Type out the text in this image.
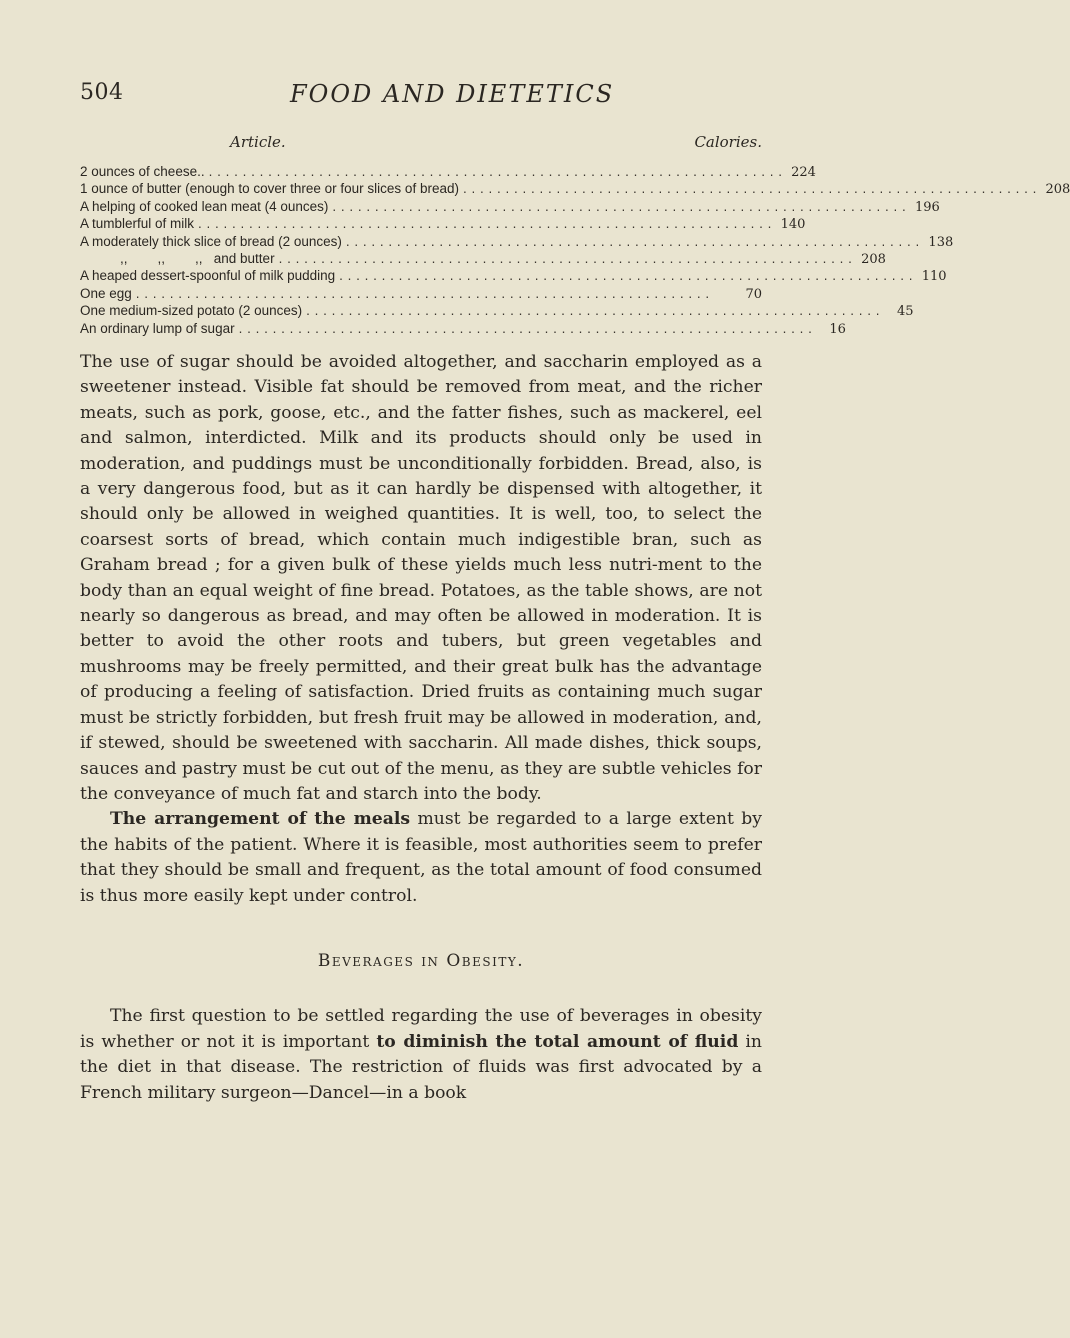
504	FOOD AND DIETETICS
Article.	Calories.
2 ounces of cheese.. . . .	224
1 ounce of butter (enough to cover three or four slices of bread) . . .	208
A helping of cooked lean meat (4 ounces) . . .	196
A tumblerful of milk . . .	140
A moderately thick slice of bread (2 ounces) . . .	138
,,        ,,        ,,   and butter . . .	208
A heaped dessert-spoonful of milk pudding . . .	110
One egg . . .	70
One medium-sized potato (2 ounces) . . .	45
An ordinary lump of sugar . . .	16

The use of sugar should be avoided altogether, and saccharin employed as a sweetener instead. Visible fat should be removed from meat, and the richer meats, such as pork, goose, etc., and the fatter fishes, such as mackerel, eel and salmon, interdicted. Milk and its products should only be used in moderation, and puddings must be unconditionally forbidden. Bread, also, is a very dangerous food, but as it can hardly be dispensed with altogether, it should only be allowed in weighed quantities. It is well, too, to select the coarsest sorts of bread, which contain much indigestible bran, such as Graham bread ; for a given bulk of these yields much less nutri-ment to the body than an equal weight of fine bread. Potatoes, as the table shows, are not nearly so dangerous as bread, and may often be allowed in moderation. It is better to avoid the other roots and tubers, but green vegetables and mushrooms may be freely permitted, and their great bulk has the advantage of producing a feeling of satisfaction. Dried fruits as containing much sugar must be strictly forbidden, but fresh fruit may be allowed in moderation, and, if stewed, should be sweetened with saccharin. All made dishes, thick soups, sauces and pastry must be cut out of the menu, as they are subtle vehicles for the conveyance of much fat and starch into the body.

The arrangement of the meals must be regarded to a large extent by the habits of the patient. Where it is feasible, most authorities seem to prefer that they should be small and frequent, as the total amount of food consumed is thus more easily kept under control.

Beverages in Obesity.

The first question to be settled regarding the use of beverages in obesity is whether or not it is important to diminish the total amount of fluid in the diet in that disease. The restriction of fluids was first advocated by a French military surgeon—Dancel—in a book
